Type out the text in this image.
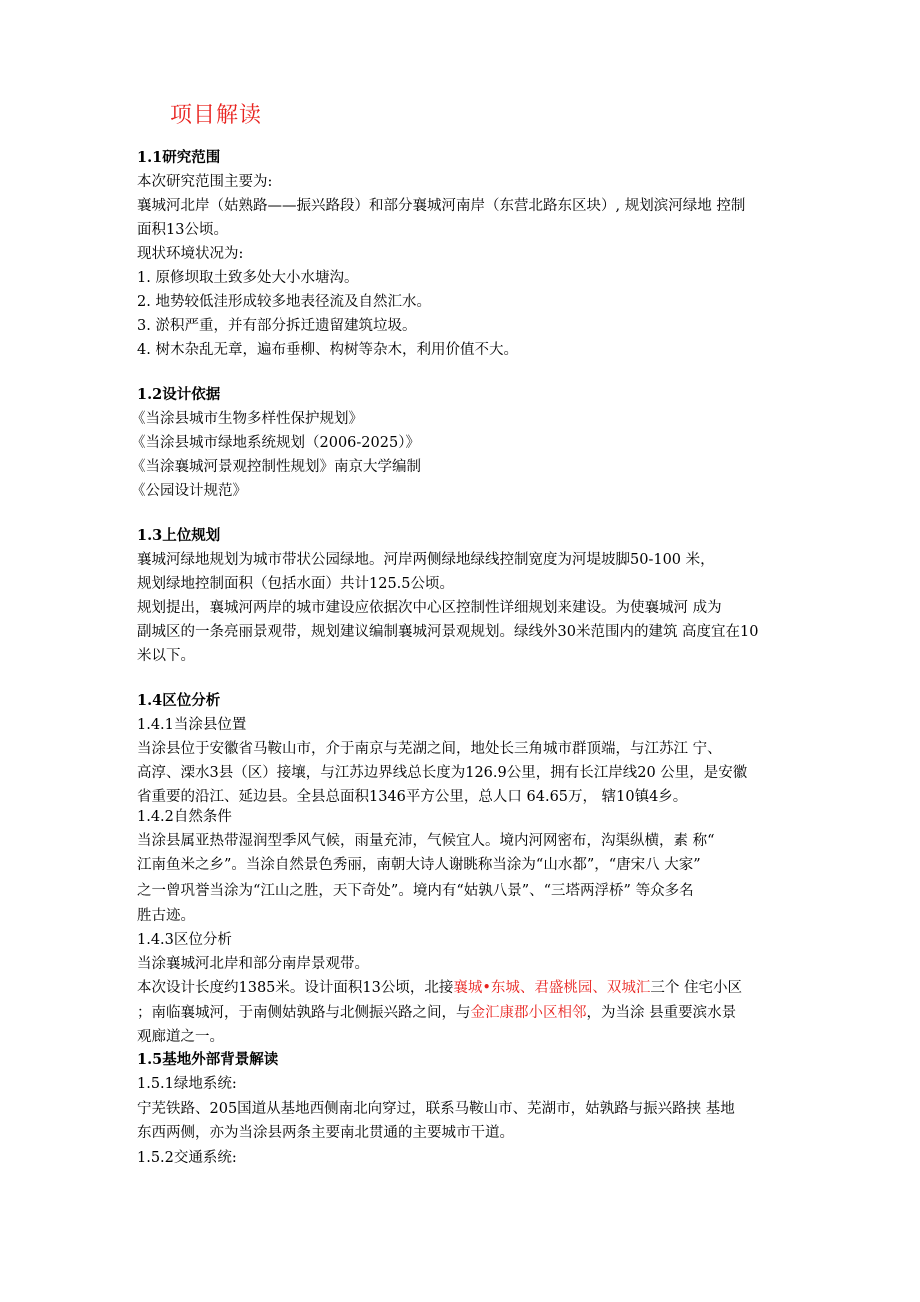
项目解读
1.1研究范围
本次研究范围主要为:
襄城河北岸（姑熟路——振兴路段）和部分襄城河南岸（东营北路东区块）, 规划滨河绿地 控制
面积13公顷。
现状环境状况为:
1. 原修坝取土致多处大小水塘沟。
2. 地势较低洼形成较多地表径流及自然汇水。
3. 淤积严重，并有部分拆迁遗留建筑垃圾。
4. 树木杂乱无章，遍布垂柳、构树等杂木，利用价值不大。
1.2设计依据
《当涂县城市生物多样性保护规划》
《当涂县城市绿地系统规划（2006-2025）》
《当涂襄城河景观控制性规划》南京大学编制
《公园设计规范》
1.3上位规划
襄城河绿地规划为城市带状公园绿地。河岸两侧绿地绿线控制宽度为河堤坡脚50-100 米，
规划绿地控制面积（包括水面）共计125.5公顷。
规划提出，襄城河两岸的城市建设应依据次中心区控制性详细规划来建设。为使襄城河 成为
副城区的一条亮丽景观带，规划建议编制襄城河景观规划。绿线外30米范围内的建筑 高度宜在10
米以下。
1.4区位分析
1.4.1当涂县位置
当涂县位于安徽省马鞍山市，介于南京与芜湖之间，地处长三角城市群顶端，与江苏江 宁、
高淳、溧水3县（区）接壤，与江苏边界线总长度为126.9公里，拥有长江岸线20 公里，是安徽
省重要的沿江、延边县。全县总面积1346平方公里，总人口 64.65万， 辖10镇4乡。
1.4.2自然条件
当涂县属亚热带湿润型季风气候，雨量充沛，气候宜人。境内河网密布，沟渠纵横，素 称“
江南鱼米之乡”。当涂自然景色秀丽，南朝大诗人谢眺称当涂为“山水都”，“唐宋八 大家”
之一曾巩誉当涂为“江山之胜，天下奇处”。境内有“姑孰八景”、“三塔两浮桥” 等众多名
胜古迹。
1.4.3区位分析
当涂襄城河北岸和部分南岸景观带。
本次设计长度约1385米。设计面积13公顷，北接襄城•东城、君盛桃园、双城汇三个 住宅小区
；南临襄城河，于南侧姑孰路与北侧振兴路之间，与金汇康郡小区相邻，为当涂 县重要滨水景
观廊道之一。
1.5基地外部背景解读
1.5.1绿地系统:
宁芜铁路、205国道从基地西侧南北向穿过，联系马鞍山市、芜湖市，姑孰路与振兴路挟 基地
东西两侧，亦为当涂县两条主要南北贯通的主要城市干道。
1.5.2交通系统:
